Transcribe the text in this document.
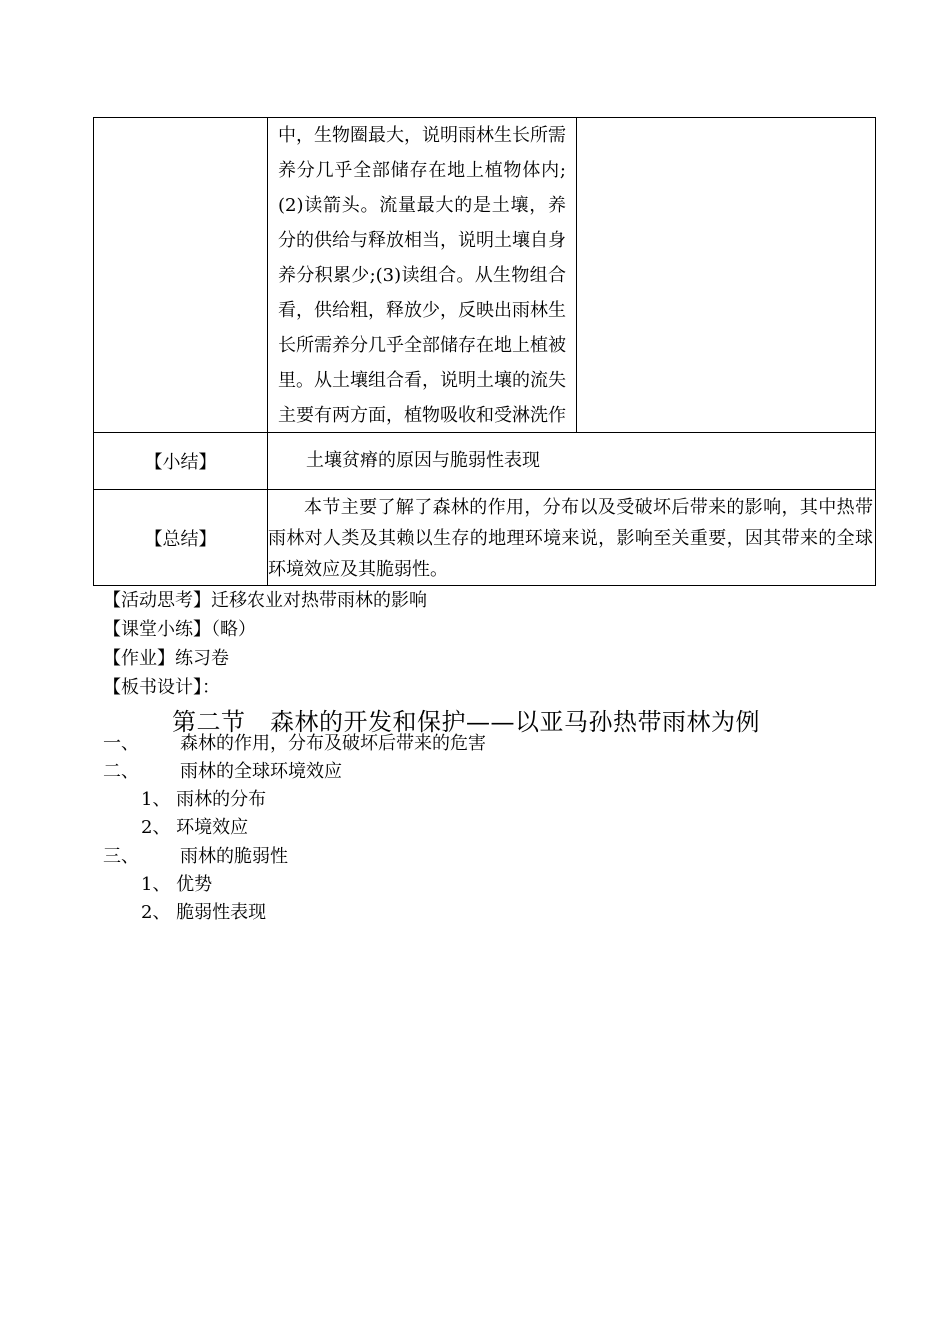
	中，生物圈最大，说明雨林生长所需养分几乎全部储存在地上植物体内;(2)读箭头。流量最大的是土壤，养分的供给与释放相当，说明土壤自身养分积累少;(3)读组合。从生物组合看，供给粗，释放少，反映出雨林生长所需养分几乎全部储存在地上植被里。从土壤组合看，说明土壤的流失主要有两方面，植物吸收和受淋洗作	

【小结】	土壤贫瘠的原因与脆弱性表现	

【总结】	本节主要了解了森林的作用，分布以及受破坏后带来的影响，其中热带雨林对人类及其赖以生存的地理环境来说，影响至关重要，因其带来的全球环境效应及其脆弱性。	
【活动思考】迁移农业对热带雨林的影响
【课堂小练】（略）
【作业】练习卷
【板书设计】：
第二节　森林的开发和保护——以亚马孙热带雨林为例
一、 森林的作用，分布及破坏后带来的危害
二、 雨林的全球环境效应
1、 雨林的分布
2、 环境效应
三、 雨林的脆弱性
1、 优势
2、 脆弱性表现
